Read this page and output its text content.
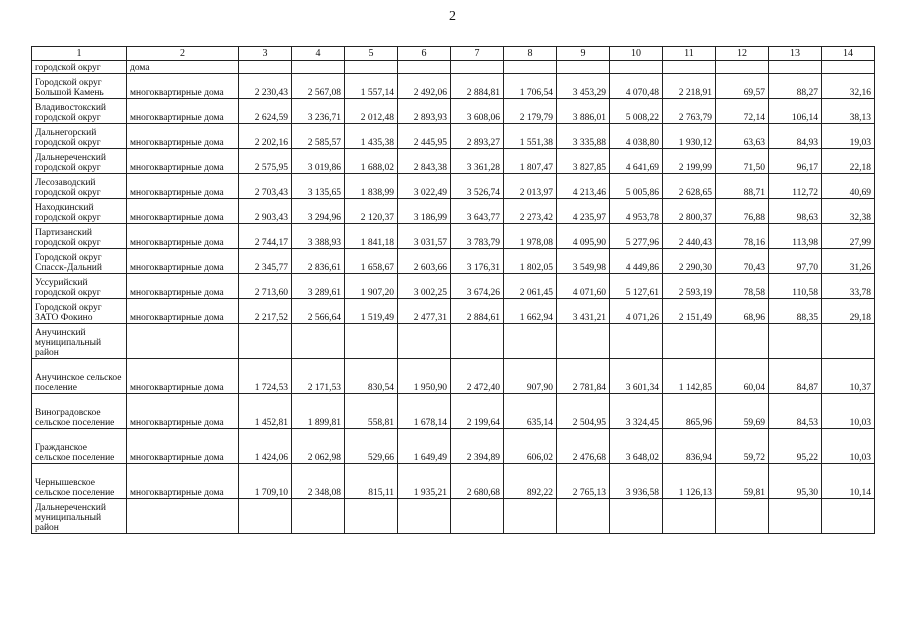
2
1	2	3	4	5	6	7	8	9	10	11	12	13	14
городской округ	дома												
Городской округ Большой Камень	многоквартирные дома	2 230,43	2 567,08	1 557,14	2 492,06	2 884,81	1 706,54	3 453,29	4 070,48	2 218,91	69,57	88,27	32,16
Владивостокский городской округ	многоквартирные дома	2 624,59	3 236,71	2 012,48	2 893,93	3 608,06	2 179,79	3 886,01	5 008,22	2 763,79	72,14	106,14	38,13
Дальнегорский городской округ	многоквартирные дома	2 202,16	2 585,57	1 435,38	2 445,95	2 893,27	1 551,38	3 335,88	4 038,80	1 930,12	63,63	84,93	19,03
Дальнереченский городской округ	многоквартирные дома	2 575,95	3 019,86	1 688,02	2 843,38	3 361,28	1 807,47	3 827,85	4 641,69	2 199,99	71,50	96,17	22,18
Лесозаводский городской округ	многоквартирные дома	2 703,43	3 135,65	1 838,99	3 022,49	3 526,74	2 013,97	4 213,46	5 005,86	2 628,65	88,71	112,72	40,69
Находкинский городской округ	многоквартирные дома	2 903,43	3 294,96	2 120,37	3 186,99	3 643,77	2 273,42	4 235,97	4 953,78	2 800,37	76,88	98,63	32,38
Партизанский городской округ	многоквартирные дома	2 744,17	3 388,93	1 841,18	3 031,57	3 783,79	1 978,08	4 095,90	5 277,96	2 440,43	78,16	113,98	27,99
Городской округ Спасск-Дальний	многоквартирные дома	2 345,77	2 836,61	1 658,67	2 603,66	3 176,31	1 802,05	3 549,98	4 449,86	2 290,30	70,43	97,70	31,26
Уссурийский городской округ	многоквартирные дома	2 713,60	3 289,61	1 907,20	3 002,25	3 674,26	2 061,45	4 071,60	5 127,61	2 593,19	78,58	110,58	33,78
Городской округ ЗАТО Фокино	многоквартирные дома	2 217,52	2 566,64	1 519,49	2 477,31	2 884,61	1 662,94	3 431,21	4 071,26	2 151,49	68,96	88,35	29,18
Анучинский муниципальный район													
Анучинское сельское поселение	многоквартирные дома	1 724,53	2 171,53	830,54	1 950,90	2 472,40	907,90	2 781,84	3 601,34	1 142,85	60,04	84,87	10,37
Виноградовское сельское поселение	многоквартирные дома	1 452,81	1 899,81	558,81	1 678,14	2 199,64	635,14	2 504,95	3 324,45	865,96	59,69	84,53	10,03
Гражданское сельское поселение	многоквартирные дома	1 424,06	2 062,98	529,66	1 649,49	2 394,89	606,02	2 476,68	3 648,02	836,94	59,72	95,22	10,03
Чернышевское сельское поселение	многоквартирные дома	1 709,10	2 348,08	815,11	1 935,21	2 680,68	892,22	2 765,13	3 936,58	1 126,13	59,81	95,30	10,14
Дальнереченский муниципальный район													
